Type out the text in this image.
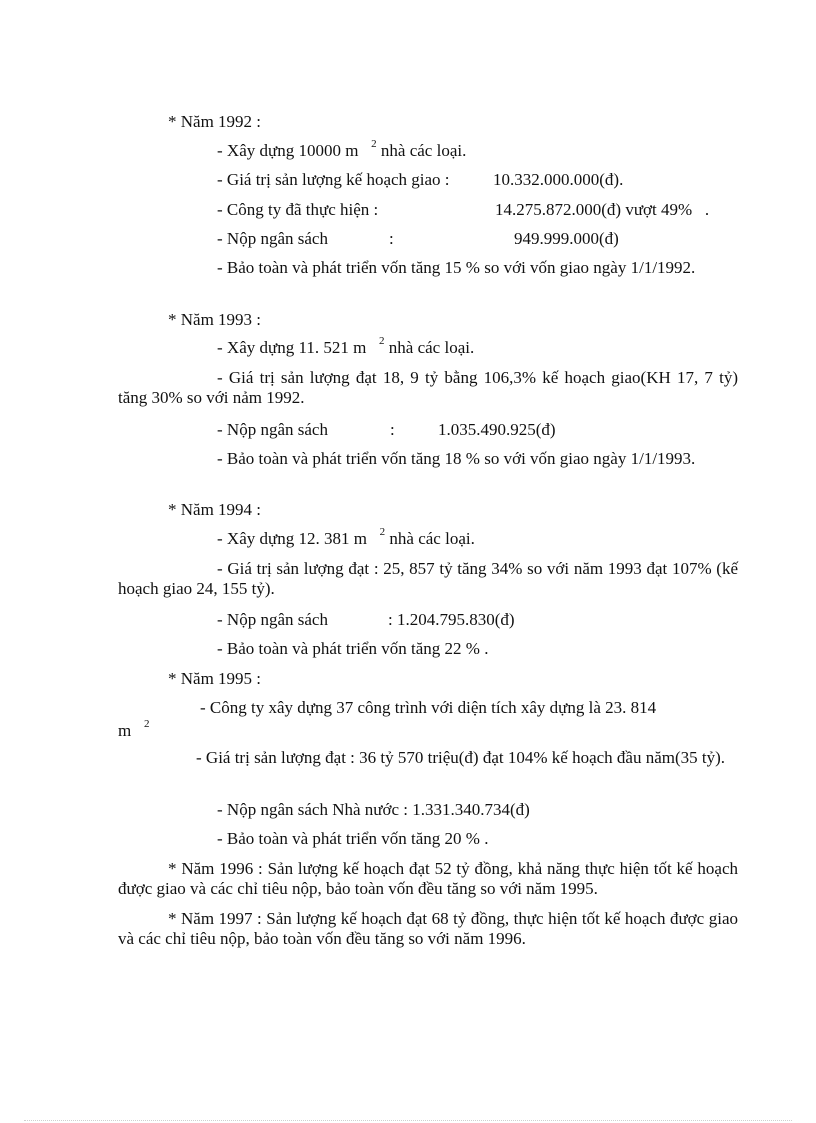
* Năm 1992 :
- Xây dựng 10000 m $^2$ nhà các loại.
- Giá trị sản lượng kế hoạch giao :	10.332.000.000(đ).
- Công ty đã thực hiện :	14.275.872.000(đ) vượt 49%   .
- Nộp ngân sách	:	949.999.000(đ)
- Bảo toàn và phát triển vốn tăng 15 % so với vốn giao ngày 1/1/1992.
* Năm 1993 :
- Xây dựng 11. 521 m $^2$ nhà các loại.
- Giá trị sản lượng đạt 18, 9 tỷ bằng 106,3% kế hoạch giao(KH 17, 7 tỷ) tăng 30% so với nảm 1992.
- Nộp ngân sách	:	1.035.490.925(đ)
- Bảo toàn và phát triển vốn tăng 18 % so với vốn giao ngày 1/1/1993.
* Năm 1994 :
- Xây dựng 12. 381 m $^2$ nhà các loại.
- Giá trị sản lượng đạt : 25, 857 tỷ tăng 34% so với năm 1993 đạt 107% (kế hoạch giao 24, 155 tỷ).
- Nộp ngân sách	: 1.204.795.830(đ)
- Bảo toàn và phát triển vốn tăng 22 % .
* Năm 1995 :
- Công ty xây dựng 37 công trình với diện tích xây dựng là 23. 814
m $^2$
- Giá trị sản lượng đạt : 36 tỷ 570 triệu(đ) đạt 104% kế hoạch đầu năm(35 tỷ).
- Nộp ngân sách Nhà nước : 1.331.340.734(đ)
- Bảo toàn và phát triển vốn tăng 20 % .
* Năm 1996 : Sản lượng kế hoạch đạt 52 tỷ đồng, khả năng thực hiện tốt kế hoạch được giao và các chỉ tiêu nộp, bảo toàn vốn đều tăng so với năm 1995.
* Năm 1997 : Sản lượng kế hoạch đạt 68 tỷ đồng, thực hiện tốt kế hoạch được giao và các chỉ tiêu nộp, bảo toàn vốn đều tăng so với năm 1996.
